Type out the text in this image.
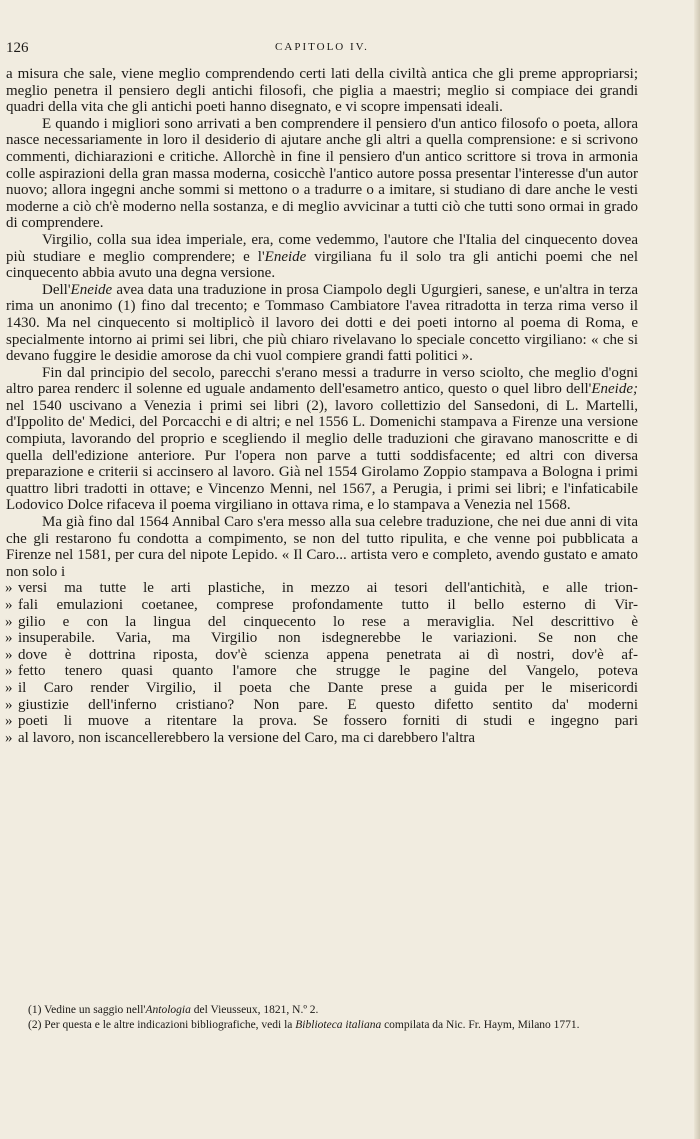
126	CAPITOLO IV.

a misura che sale, viene meglio comprendendo certi lati della civiltà antica che gli preme appropriarsi; meglio penetra il pensiero degli antichi filosofi, che piglia a maestri; meglio si compiace dei grandi quadri della vita che gli antichi poeti hanno disegnato, e vi scopre impensati ideali.

E quando i migliori sono arrivati a ben comprendere il pensiero d'un antico filosofo o poeta, allora nasce necessariamente in loro il desiderio di ajutare anche gli altri a quella comprensione: e si scrivono commenti, dichiarazioni e critiche. Allorchè in fine il pensiero d'un antico scrittore si trova in armonia colle aspirazioni della gran massa moderna, cosicchè l'antico autore possa presentar l'interesse d'un autor nuovo; allora ingegni anche sommi si mettono o a tradurre o a imitare, si studiano di dare anche le vesti moderne a ciò ch'è moderno nella sostanza, e di meglio avvicinar a tutti ciò che tutti sono ormai in grado di comprendere.

Virgilio, colla sua idea imperiale, era, come vedemmo, l'autore che l'Italia del cinquecento dovea più studiare e meglio comprendere; e l'Eneide virgiliana fu il solo tra gli antichi poemi che nel cinquecento abbia avuto una degna versione.

Dell'Eneide avea data una traduzione in prosa Ciampolo degli Ugurgieri, sanese, e un'altra in terza rima un anonimo (1) fino dal trecento; e Tommaso Cambiatore l'avea ritradotta in terza rima verso il 1430. Ma nel cinquecento si moltiplicò il lavoro dei dotti e dei poeti intorno al poema di Roma, e specialmente intorno ai primi sei libri, che più chiaro rivelavano lo speciale concetto virgiliano: « che si devano fuggire le desidie amorose da chi vuol compiere grandi fatti politici ».

Fin dal principio del secolo, parecchi s'erano messi a tradurre in verso sciolto, che meglio d'ogni altro parea renderc il solenne ed uguale andamento dell'esametro antico, questo o quel libro dell'Eneide; nel 1540 uscivano a Venezia i primi sei libri (2), lavoro collettizio del Sansedoni, di L. Martelli, d'Ippolito de' Medici, del Porcacchi e di altri; e nel 1556 L. Domenichi stampava a Firenze una versione compiuta, lavorando del proprio e scegliendo il meglio delle traduzioni che giravano manoscritte e di quella dell'edizione anteriore. Pur l'opera non parve a tutti soddisfacente; ed altri con diversa preparazione e criterii si accinsero al lavoro. Già nel 1554 Girolamo Zoppio stampava a Bologna i primi quattro libri tradotti in ottave; e Vincenzo Menni, nel 1567, a Perugia, i primi sei libri; e l'infaticabile Lodovico Dolce rifaceva il poema virgiliano in ottava rima, e lo stampava a Venezia nel 1568.

Ma già fino dal 1564 Annibal Caro s'era messo alla sua celebre traduzione, che nei due anni di vita che gli restarono fu condotta a compimento, se non del tutto ripulita, e che venne poi pubblicata a Firenze nel 1581, per cura del nipote Lepido. « Il Caro... artista vero e completo, avendo gustato e amato non solo i

» versi ma tutte le arti plastiche, in mezzo ai tesori dell'antichità, e alle trion-
» fali emulazioni coetanee, comprese profondamente tutto il bello esterno di Vir-
» gilio e con la lingua del cinquecento lo rese a meraviglia. Nel descrittivo è
» insuperabile. Varia, ma Virgilio non isdegnerebbe le variazioni. Se non che
» dove è dottrina riposta, dov'è scienza appena penetrata ai dì nostri, dov'è af-
» fetto tenero quasi quanto l'amore che strugge le pagine del Vangelo, poteva
» il Caro render Virgilio, il poeta che Dante prese a guida per le misericordi
» giustizie dell'inferno cristiano? Non pare. E questo difetto sentito da' moderni
» poeti li muove a ritentare la prova. Se fossero forniti di studi e ingegno pari
» al lavoro, non iscancellerebbero la versione del Caro, ma ci darebbero l'altra

(1) Vedine un saggio nell'Antologia del Vieusseux, 1821, N.º 2.

(2) Per questa e le altre indicazioni bibliografiche, vedi la Biblioteca italiana compilata da Nic. Fr. Haym, Milano 1771.
